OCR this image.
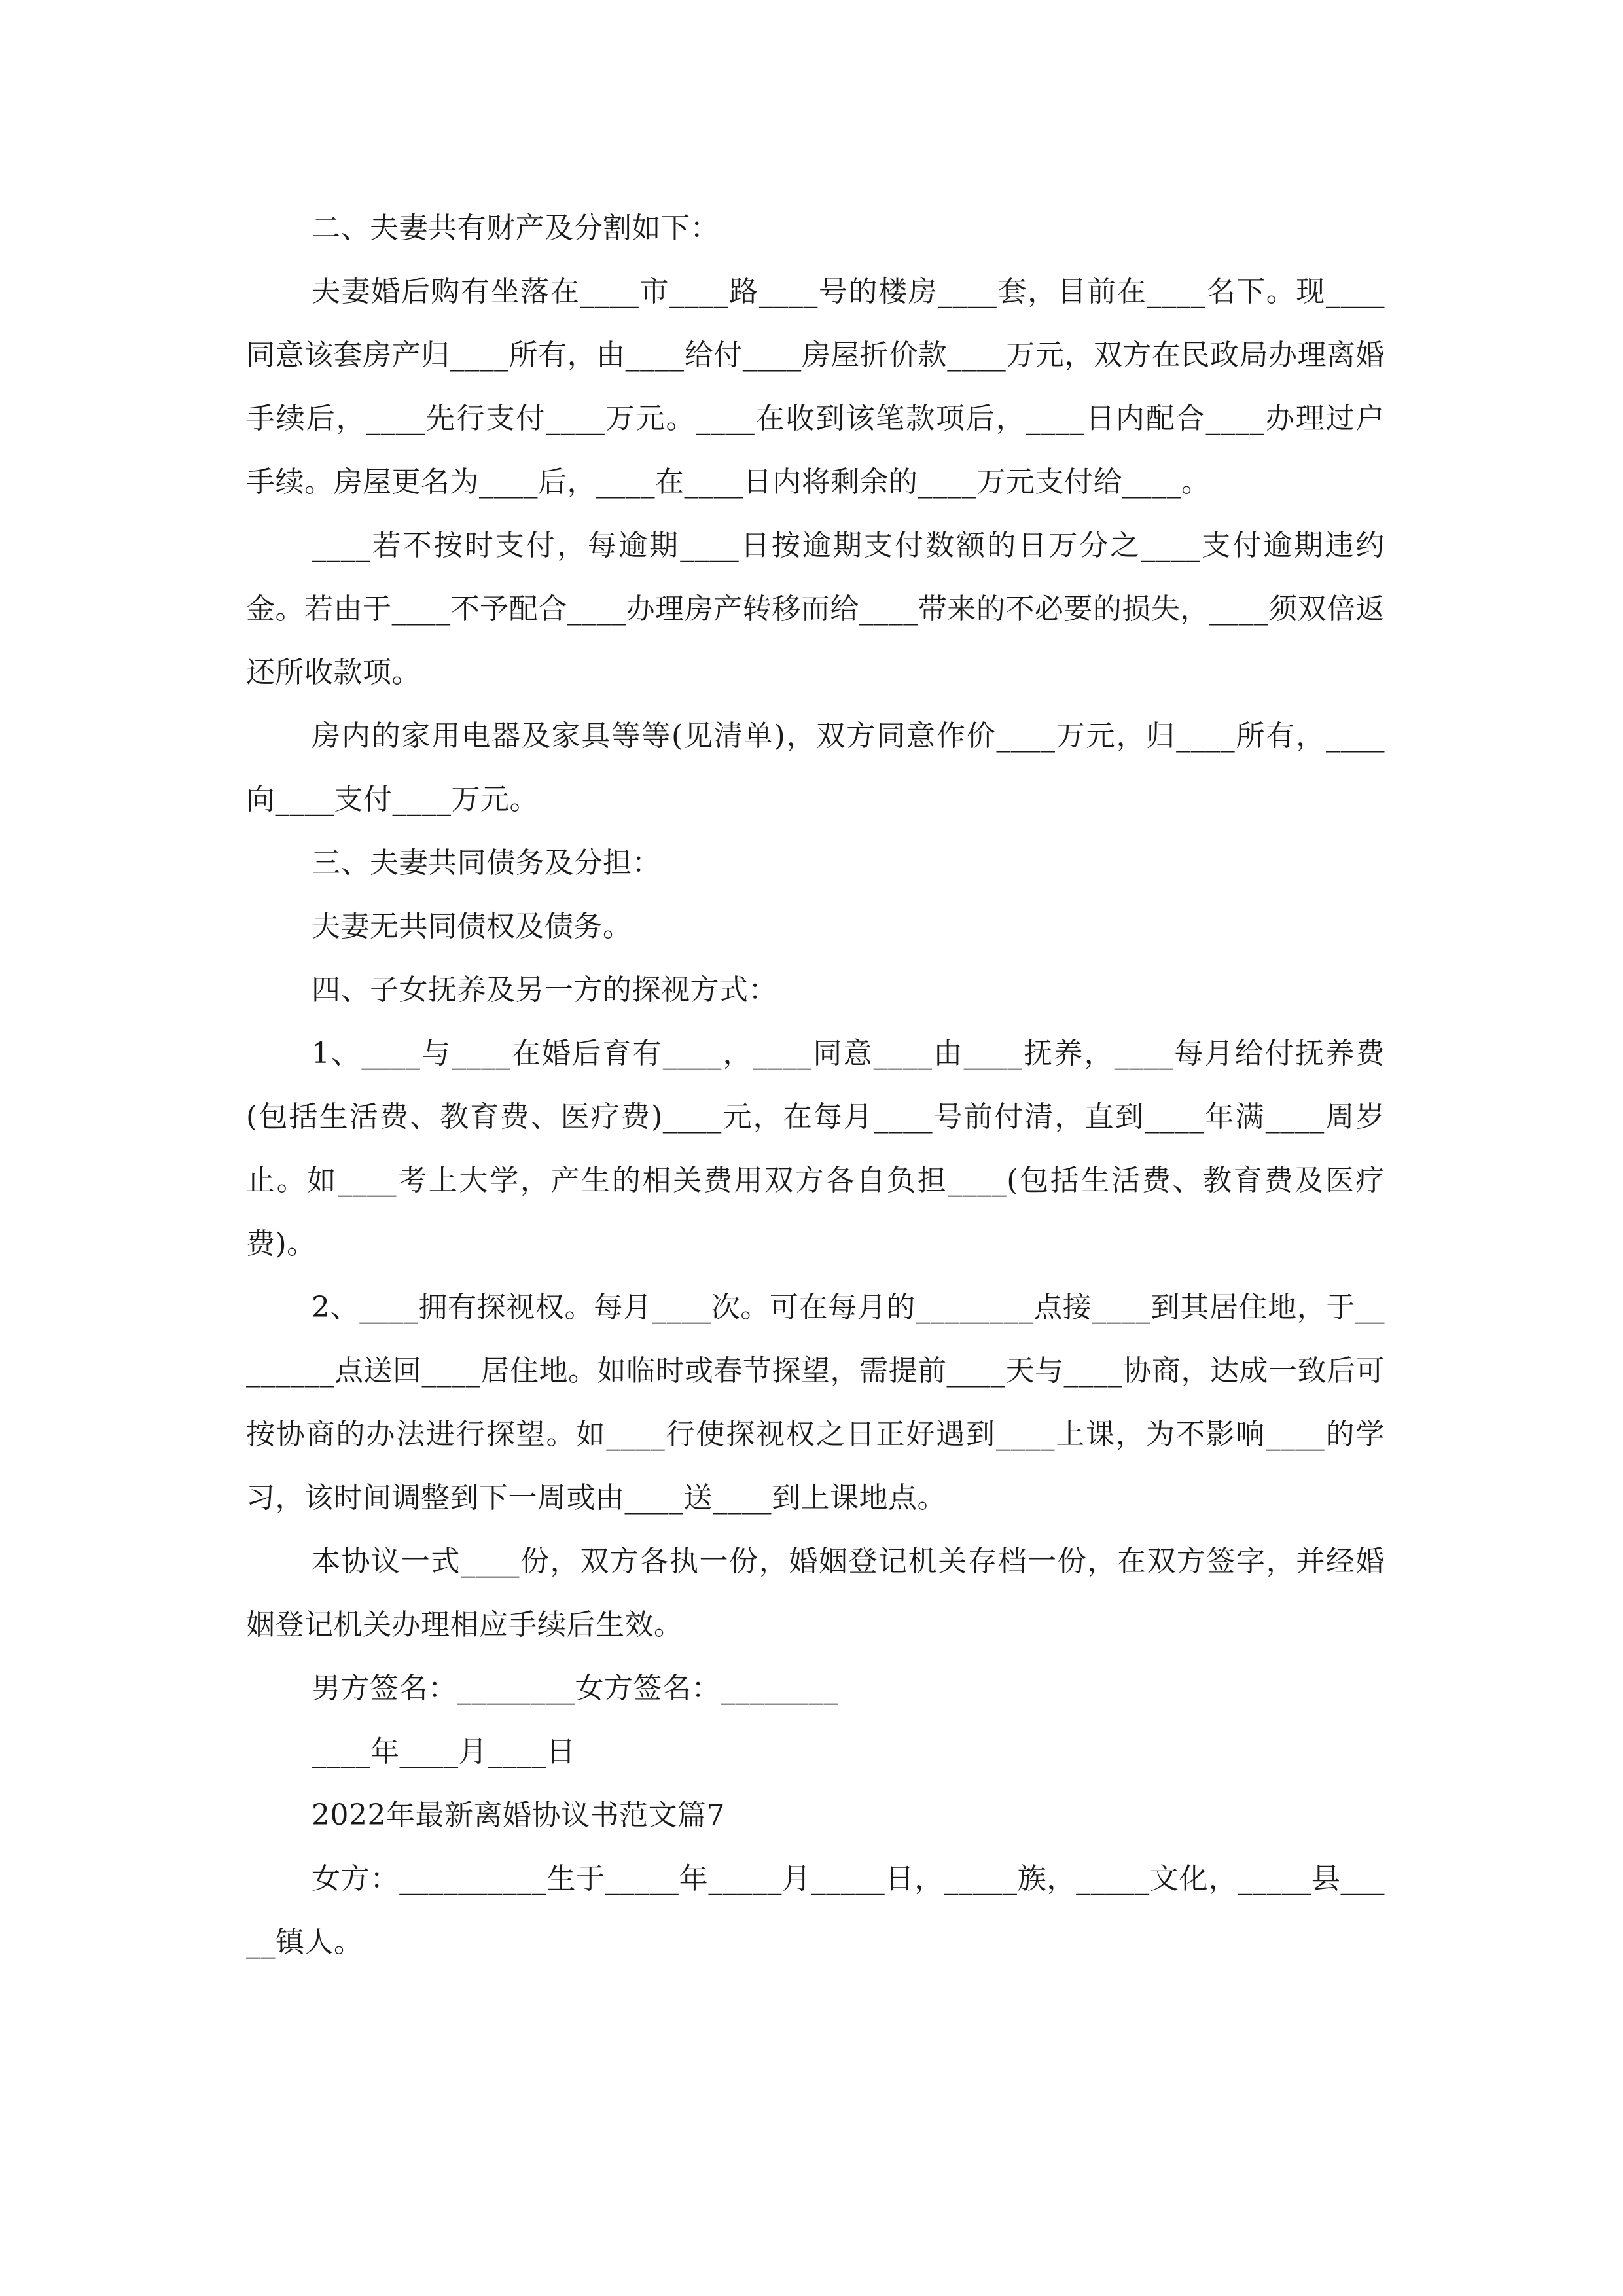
二、夫妻共有财产及分割如下：

夫妻婚后购有坐落在____市____路____号的楼房____套，目前在____名下。现____同意该套房产归____所有，由____给付____房屋折价款____万元，双方在民政局办理离婚手续后，____先行支付____万元。____在收到该笔款项后，____日内配合____办理过户手续。房屋更名为____后，____在____日内将剩余的____万元支付给____。

____若不按时支付，每逾期____日按逾期支付数额的日万分之____支付逾期违约金。若由于____不予配合____办理房产转移而给____带来的不必要的损失，____须双倍返还所收款项。

房内的家用电器及家具等等(见清单)，双方同意作价____万元，归____所有，____向____支付____万元。

三、夫妻共同债务及分担：

夫妻无共同债权及债务。

四、子女抚养及另一方的探视方式：

1、____与____在婚后育有____，____同意____由____抚养，____每月给付抚养费(包括生活费、教育费、医疗费)____元，在每月____号前付清，直到____年满____周岁止。如____考上大学，产生的相关费用双方各自负担____(包括生活费、教育费及医疗费)。

2、____拥有探视权。每月____次。可在每月的________点接____到其居住地，于________点送回____居住地。如临时或春节探望，需提前____天与____协商，达成一致后可按协商的办法进行探望。如____行使探视权之日正好遇到____上课，为不影响____的学习，该时间调整到下一周或由____送____到上课地点。

本协议一式____份，双方各执一份，婚姻登记机关存档一份，在双方签字，并经婚姻登记机关办理相应手续后生效。

男方签名：________女方签名：________

____年____月____日

2022年最新离婚协议书范文篇7

女方：__________生于_____年_____月_____日，_____族，_____文化，_____县_____镇人。
